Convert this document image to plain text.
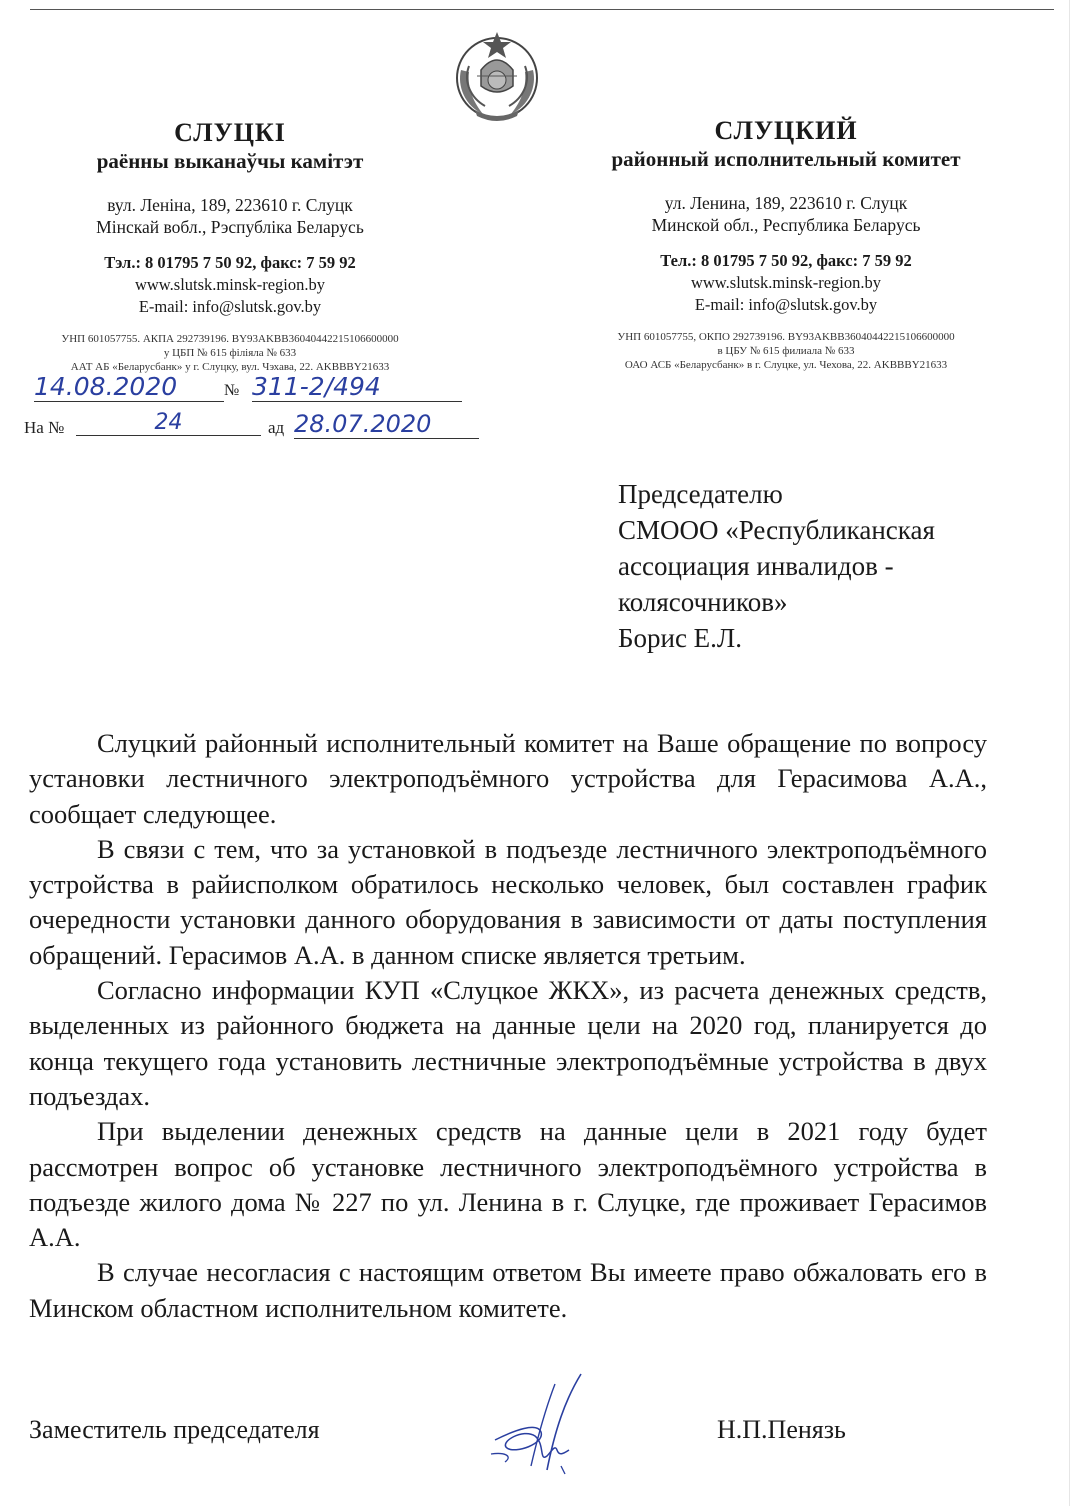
СЛУЦКІ
раённы выканаўчы камітэт
вул. Леніна, 189, 223610 г. Слуцк
Мінскай вобл., Рэспубліка Беларусь
Тэл.: 8 01795 7 50 92, факс: 7 59 92
www.slutsk.minsk-region.by
E-mail: info@slutsk.gov.by
УНП 601057755. АКПА 292739196. BY93AKBB36040442215106600000
у ЦБП № 615 філіяла № 633
ААТ АБ «Беларусбанк» у г. Слуцку, вул. Чэхава, 22. AKBBBY21633
СЛУЦКИЙ
районный исполнительный комитет
ул. Ленина, 189, 223610 г. Слуцк
Минской обл., Республика Беларусь
Тел.: 8 01795 7 50 92, факс: 7 59 92
www.slutsk.minsk-region.by
E-mail: info@slutsk.gov.by
УНП 601057755, ОКПО 292739196. BY93AKBB36040442215106600000
в ЦБУ № 615 филиала № 633
ОАО АСБ «Беларусбанк» в г. Слуцке, ул. Чехова, 22. AKBBBY21633
14.08.2020	№ 311-2/494
На №	24	ад 28.07.2020
Председателю
СМООО «Республиканская
ассоциация инвалидов -
колясочников»
Борис Е.Л.

Слуцкий районный исполнительный комитет на Ваше обращение по вопросу установки лестничного электроподъёмного устройства для Герасимова А.А., сообщает следующее.

В связи с тем, что за установкой в подъезде лестничного электроподъёмного устройства в райисполком обратилось несколько человек, был составлен график очередности установки данного оборудования в зависимости от даты поступления обращений. Герасимов А.А. в данном списке является третьим.

Согласно информации КУП «Слуцкое ЖКХ», из расчета денежных средств, выделенных из районного бюджета на данные цели на 2020 год, планируется до конца текущего года установить лестничные электроподъёмные устройства в двух подъездах.

При выделении денежных средств на данные цели в 2021 году будет рассмотрен вопрос об установке лестничного электроподъёмного устройства в подъезде жилого дома № 227 по ул. Ленина в г. Слуцке, где проживает Герасимов А.А.

В случае несогласия с настоящим ответом Вы имеете право обжаловать его в Минском областном исполнительном комитете.

Заместитель председателя	Н.П.Пенязь
